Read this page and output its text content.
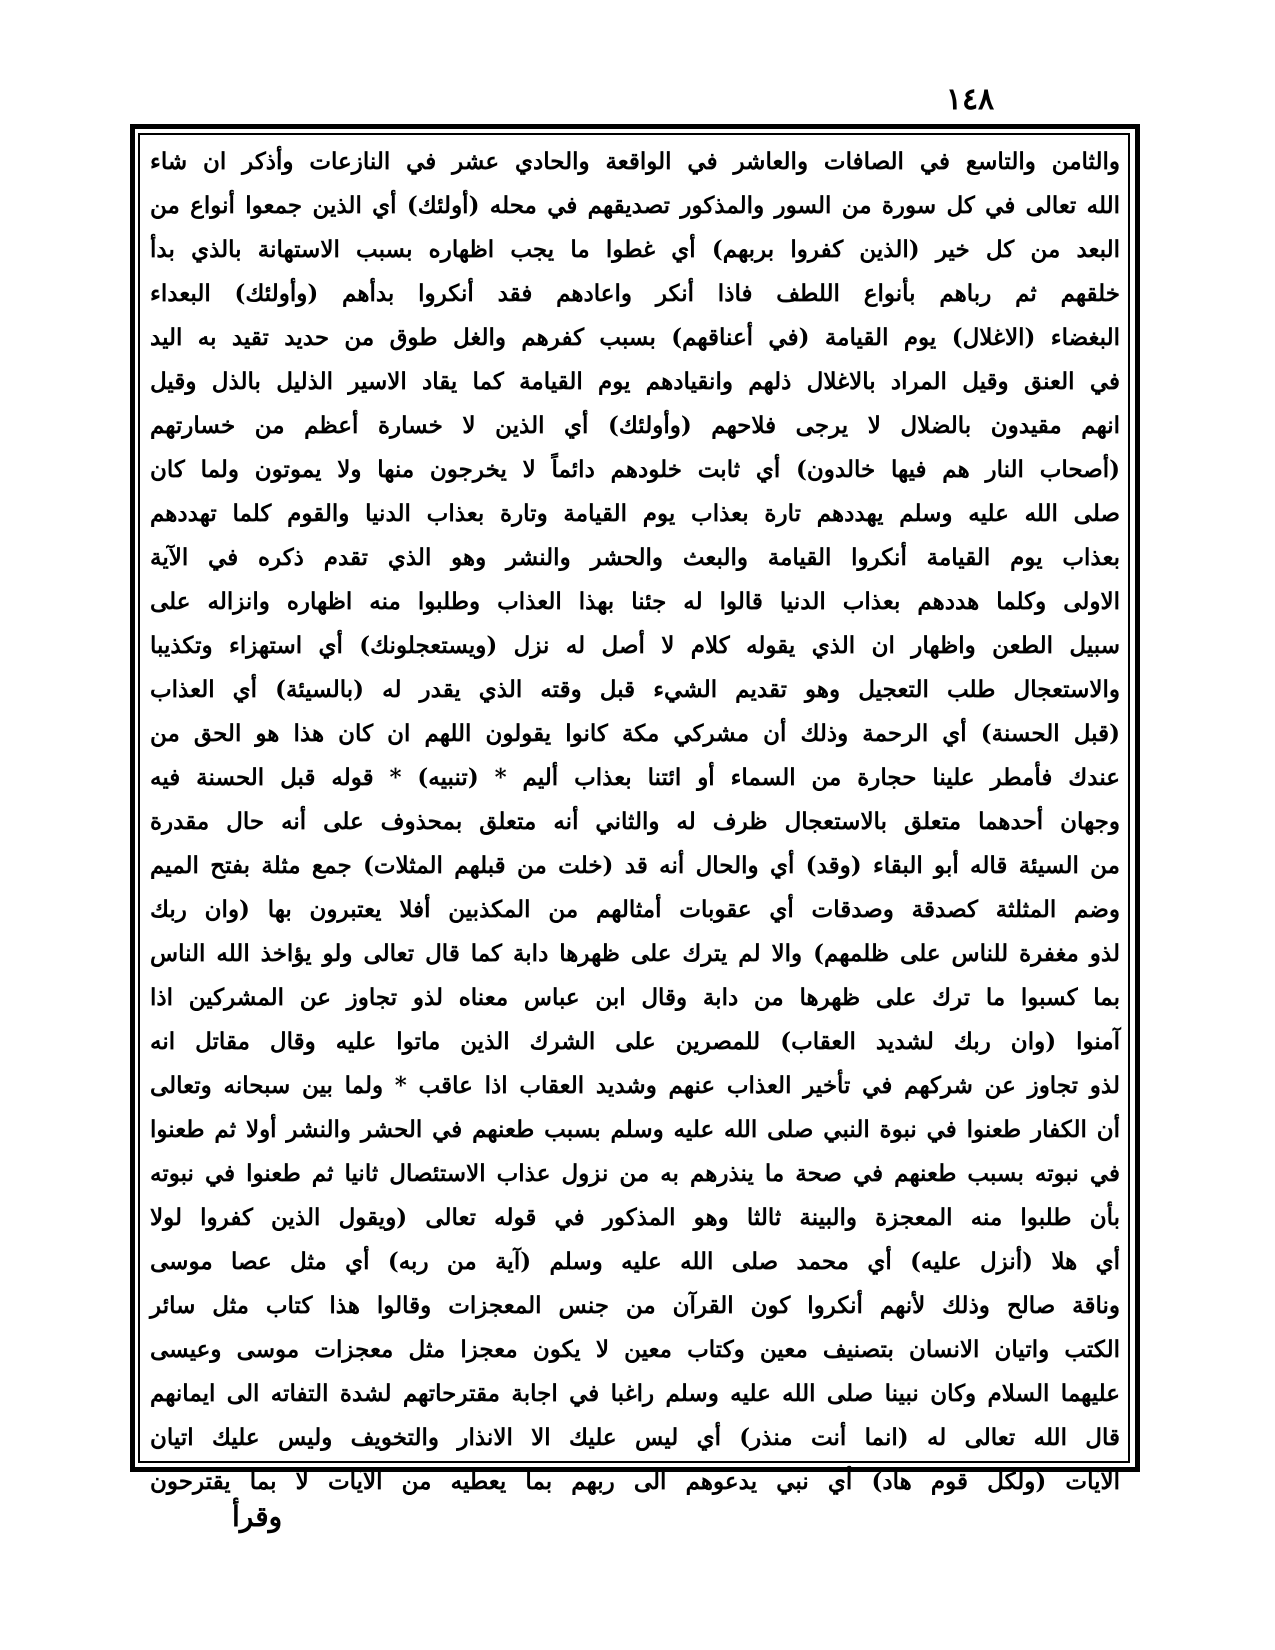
١٤٨
والثامن والتاسع في الصافات والعاشر في الواقعة والحادي عشر في النازعات وأذكر ان شاء
الله تعالى في كل سورة من السور والمذكور تصديقهم في محله (أولئك) أي الذين جمعوا أنواع من
البعد من كل خير (الذين كفروا بربهم) أي غطوا ما يجب اظهاره بسبب الاستهانة بالذي بدأ
خلقهم ثم رباهم بأنواع اللطف فاذا أنكر واعادهم فقد أنكروا بدأهم (وأولئك) البعداء
البغضاء (الاغلال) يوم القيامة (في أعناقهم) بسبب كفرهم والغل طوق من حديد تقيد به اليد
في العنق وقيل المراد بالاغلال ذلهم وانقيادهم يوم القيامة كما يقاد الاسير الذليل بالذل وقيل
انهم مقيدون بالضلال لا يرجى فلاحهم (وأولئك) أي الذين لا خسارة أعظم من خسارتهم
(أصحاب النار هم فيها خالدون) أي ثابت خلودهم دائماً لا يخرجون منها ولا يموتون ولما كان
صلى الله عليه وسلم يهددهم تارة بعذاب يوم القيامة وتارة بعذاب الدنيا والقوم كلما تهددهم
بعذاب يوم القيامة أنكروا القيامة والبعث والحشر والنشر وهو الذي تقدم ذكره في الآية
الاولى وكلما هددهم بعذاب الدنيا قالوا له جئنا بهذا العذاب وطلبوا منه اظهاره وانزاله على
سبيل الطعن واظهار ان الذي يقوله كلام لا أصل له نزل (ويستعجلونك) أي استهزاء وتكذيبا
والاستعجال طلب التعجيل وهو تقديم الشيء قبل وقته الذي يقدر له (بالسيئة) أي العذاب
(قبل الحسنة) أي الرحمة وذلك أن مشركي مكة كانوا يقولون اللهم ان كان هذا هو الحق من
عندك فأمطر علينا حجارة من السماء أو ائتنا بعذاب أليم * (تنبيه) * قوله قبل الحسنة فيه
وجهان أحدهما متعلق بالاستعجال ظرف له والثاني أنه متعلق بمحذوف على أنه حال مقدرة
من السيئة قاله أبو البقاء (وقد) أي والحال أنه قد (خلت من قبلهم المثلات) جمع مثلة بفتح الميم
وضم المثلثة كصدقة وصدقات أي عقوبات أمثالهم من المكذبين أفلا يعتبرون بها (وان ربك
لذو مغفرة للناس على ظلمهم) والا لم يترك على ظهرها دابة كما قال تعالى ولو يؤاخذ الله الناس
بما كسبوا ما ترك على ظهرها من دابة وقال ابن عباس معناه لذو تجاوز عن المشركين اذا
آمنوا (وان ربك لشديد العقاب) للمصرين على الشرك الذين ماتوا عليه وقال مقاتل انه
لذو تجاوز عن شركهم في تأخير العذاب عنهم وشديد العقاب اذا عاقب * ولما بين سبحانه وتعالى
أن الكفار طعنوا في نبوة النبي صلى الله عليه وسلم بسبب طعنهم في الحشر والنشر أولا ثم طعنوا
في نبوته بسبب طعنهم في صحة ما ينذرهم به من نزول عذاب الاستئصال ثانيا ثم طعنوا في نبوته
بأن طلبوا منه المعجزة والبينة ثالثا وهو المذكور في قوله تعالى (ويقول الذين كفروا لولا
أي هلا (أنزل عليه) أي محمد صلى الله عليه وسلم (آية من ربه) أي مثل عصا موسى
وناقة صالح وذلك لأنهم أنكروا كون القرآن من جنس المعجزات وقالوا هذا كتاب مثل سائر
الكتب واتيان الانسان بتصنيف معين وكتاب معين لا يكون معجزا مثل معجزات موسى وعيسى
عليهما السلام وكان نبينا صلى الله عليه وسلم راغبا في اجابة مقترحاتهم لشدة التفاته الى ايمانهم
قال الله تعالى له (انما أنت منذر) أي ليس عليك الا الانذار والتخويف وليس عليك اتيان
الآيات (ولكل قوم هاد) أي نبي يدعوهم الى ربهم بما يعطيه من الآيات لا بما يقترحون
وقرأ
